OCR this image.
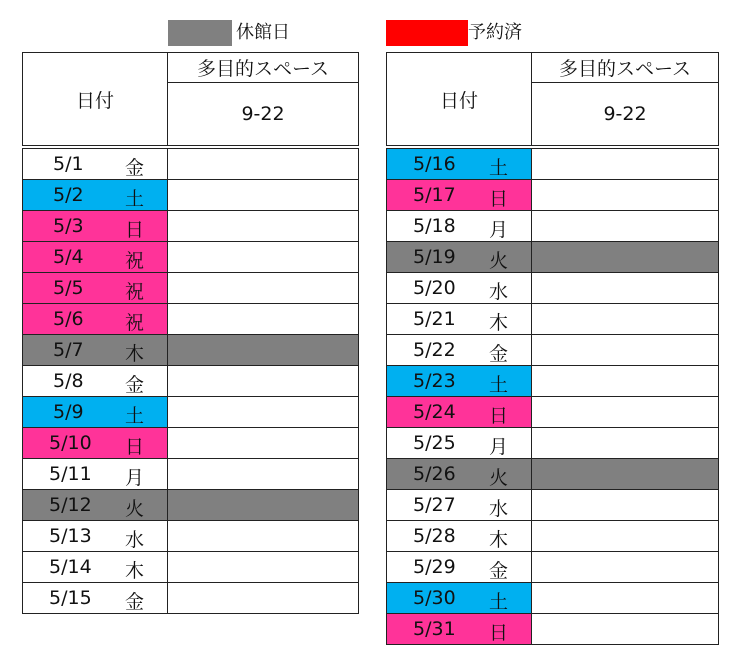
休館日	予約済
日付	多目的スペース
	9-22

5/1 金	

5/2 土	

5/3 日	

5/4 祝	

5/5 祝	

5/6 祝	

5/7 木	

5/8 金	

5/9 土	

5/10 日	

5/11 月	

5/12 火	

5/13 水	

5/14 木	

5/15 金	

日付	多目的スペース
	9-22

5/16 土	

5/17 日	

5/18 月	

5/19 火	

5/20 水	

5/21 木	

5/22 金	

5/23 土	

5/24 日	

5/25 月	

5/26 火	

5/27 水	

5/28 木	

5/29 金	

5/30 土	

5/31 日	
